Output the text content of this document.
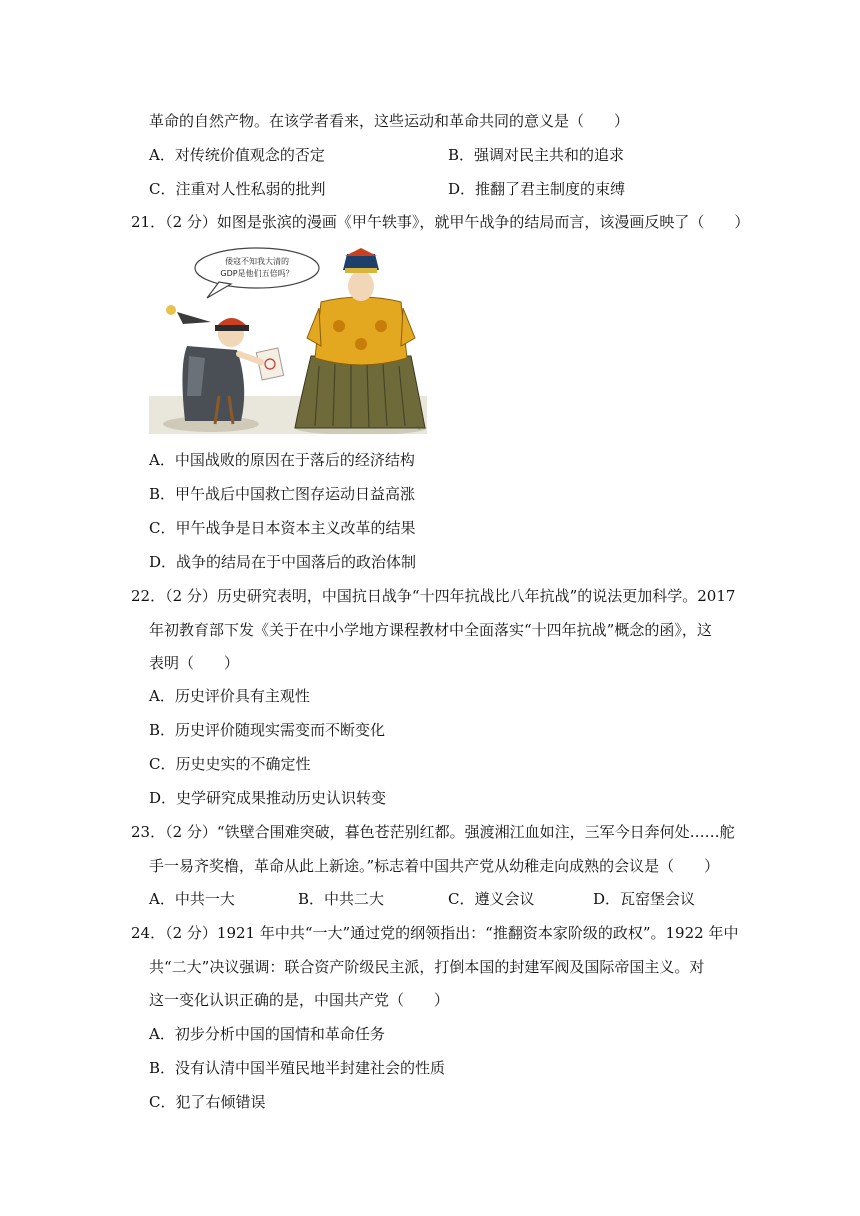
革命的自然产物。在该学者看来，这些运动和革命共同的意义是（　　）
A．对传统价值观念的否定	B．强调对民主共和的追求
C．注重对人性私弱的批判	D．推翻了君主制度的束缚
21．（2 分）如图是张滨的漫画《甲午轶事》，就甲午战争的结局而言，该漫画反映了（　　）
倭寇不知我大清的
GDP是他们五倍吗？
✎
A．中国战败的原因在于落后的经济结构
B．甲午战后中国救亡图存运动日益高涨
C．甲午战争是日本资本主义改革的结果
D．战争的结局在于中国落后的政治体制
22．（2 分）历史研究表明，中国抗日战争“十四年抗战比八年抗战”的说法更加科学。2017
年初教育部下发《关于在中小学地方课程教材中全面落实“十四年抗战”概念的函》，这
表明（　　）
A．历史评价具有主观性
B．历史评价随现实需变而不断变化
C．历史史实的不确定性
D．史学研究成果推动历史认识转变
23．（2 分）“铁壁合围难突破，暮色苍茫别红都。强渡湘江血如注，三军今日奔何处……舵
手一易齐奖橹，革命从此上新途。”标志着中国共产党从幼稚走向成熟的会议是（　　）
A．中共一大	B．中共二大	C．遵义会议	D．瓦窑堡会议
24．（2 分）1921 年中共“一大”通过党的纲领指出：“推翻资本家阶级的政权”。1922 年中
共“二大”决议强调：联合资产阶级民主派，打倒本国的封建军阀及国际帝国主义。对
这一变化认识正确的是，中国共产党（　　）
A．初步分析中国的国情和革命任务
B．没有认清中国半殖民地半封建社会的性质
C．犯了右倾错误
